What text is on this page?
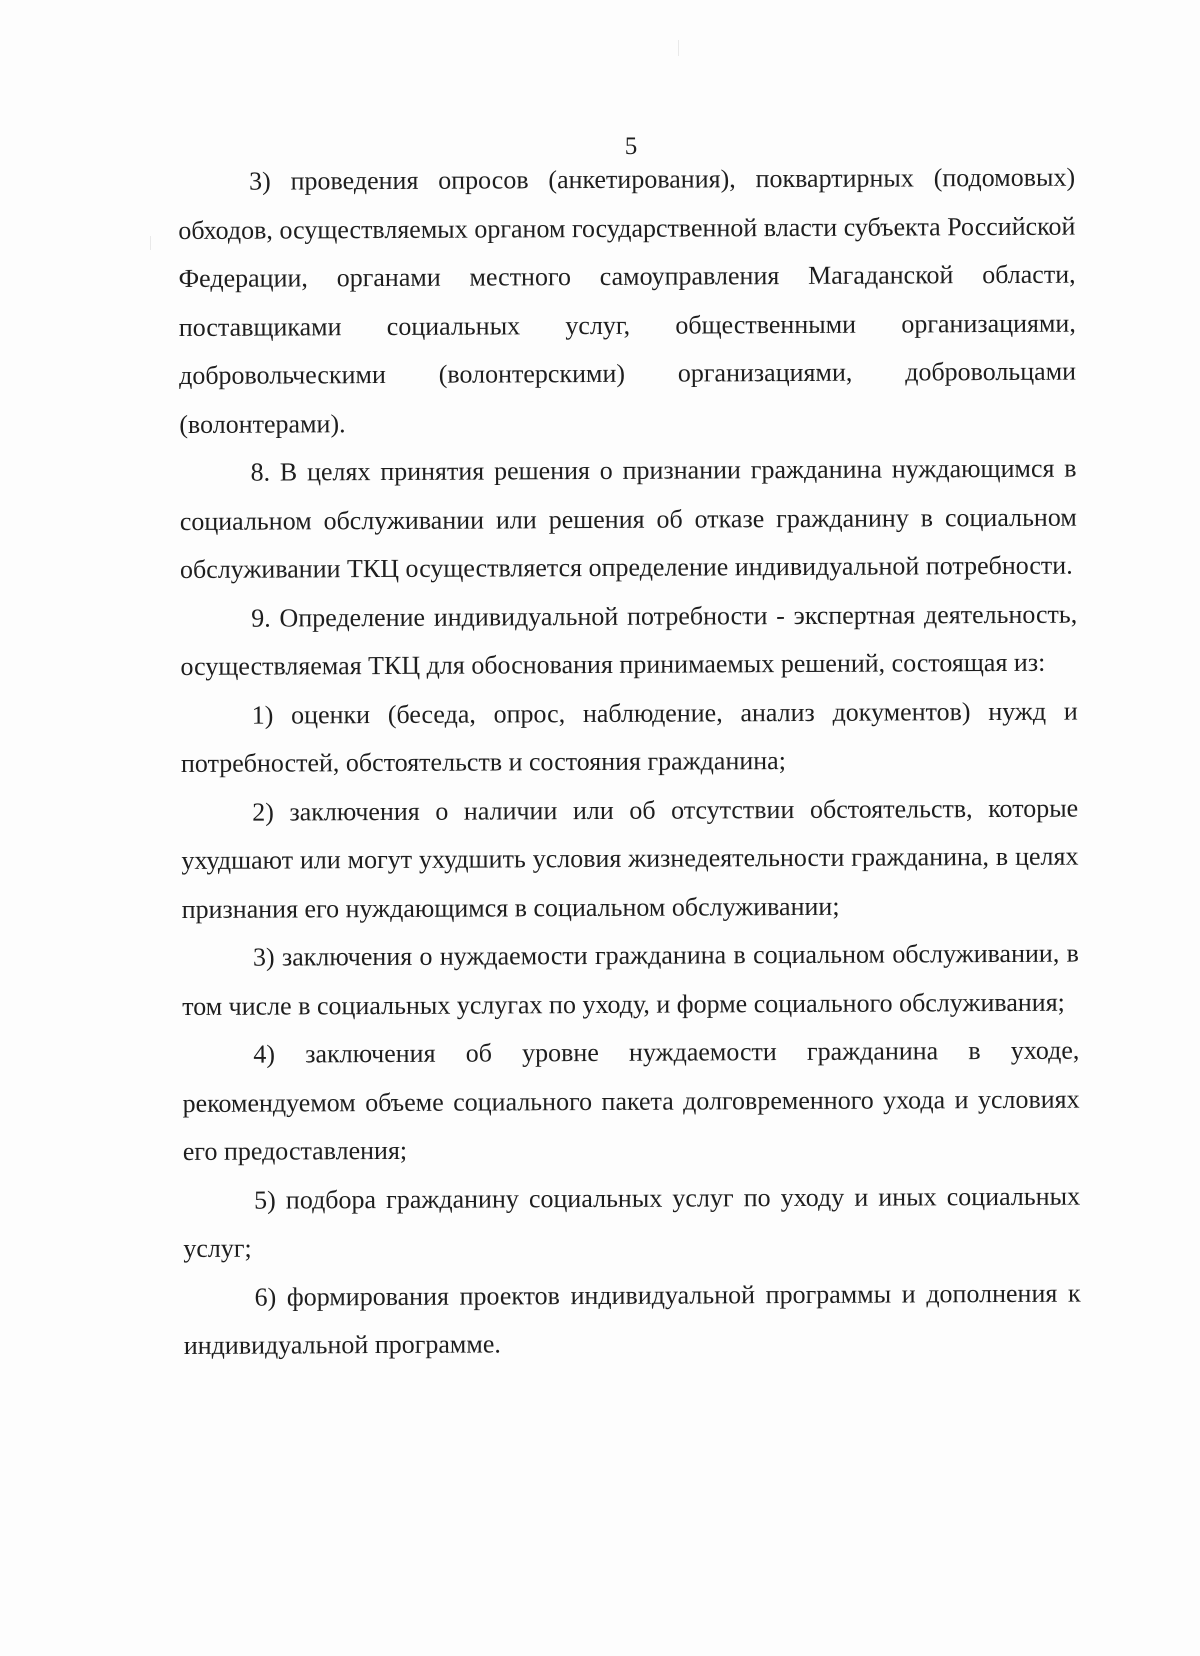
5

3) проведения опросов (анкетирования), поквартирных (подомовых) обходов, осуществляемых органом государственной власти субъекта Российской Федерации, органами местного самоуправления Магаданской области, поставщиками социальных услуг, общественными организациями, добровольческими (волонтерскими) организациями, добровольцами (волонтерами).

8. В целях принятия решения о признании гражданина нуждающимся в социальном обслуживании или решения об отказе гражданину в социальном обслуживании ТКЦ осуществляется определение индивидуальной потребности.

9. Определение индивидуальной потребности - экспертная деятельность, осуществляемая ТКЦ для обоснования принимаемых решений, состоящая из:

1) оценки (беседа, опрос, наблюдение, анализ документов) нужд и потребностей, обстоятельств и состояния гражданина;

2) заключения о наличии или об отсутствии обстоятельств, которые ухудшают или могут ухудшить условия жизнедеятельности гражданина, в целях признания его нуждающимся в социальном обслуживании;

3) заключения о нуждаемости гражданина в социальном обслуживании, в том числе в социальных услугах по уходу, и форме социального обслуживания;

4) заключения об уровне нуждаемости гражданина в уходе, рекомендуемом объеме социального пакета долговременного ухода и условиях его предоставления;

5) подбора гражданину социальных услуг по уходу и иных социальных услуг;

6) формирования проектов индивидуальной программы и дополнения к индивидуальной программе.
